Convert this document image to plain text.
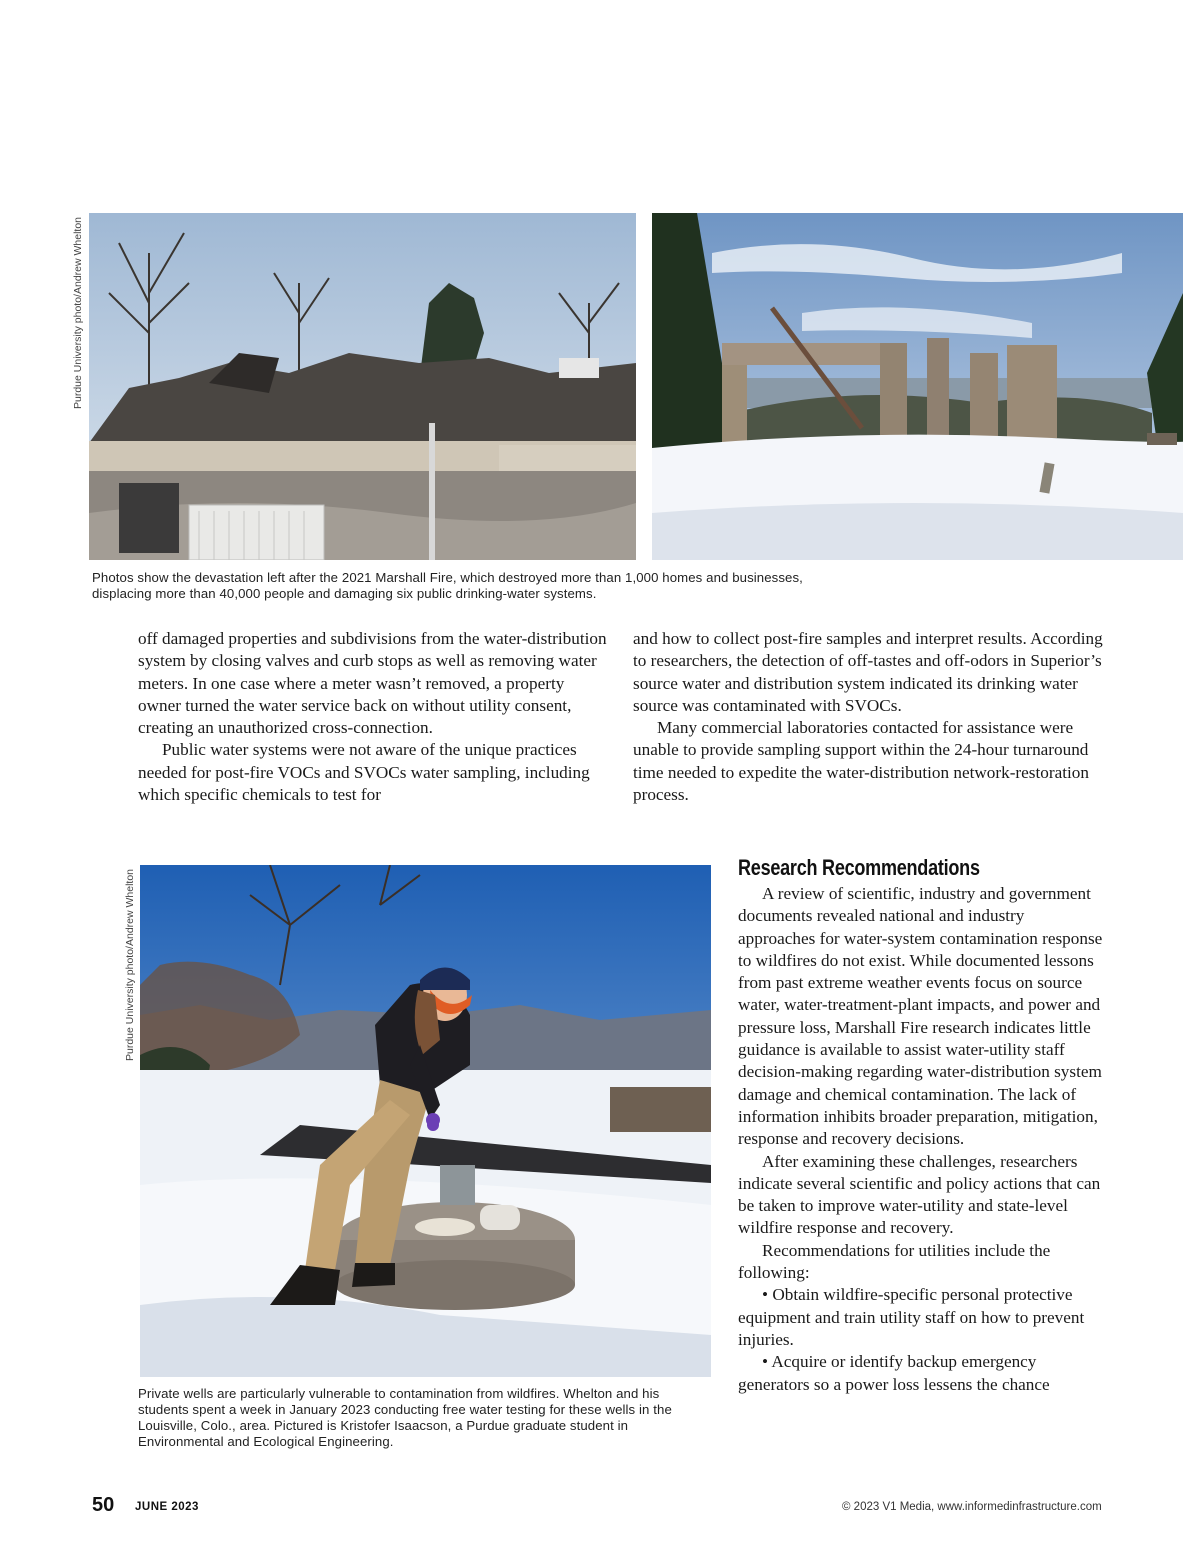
Purdue University photo/Andrew Whelton
Photos show the devastation left after the 2021 Marshall Fire, which destroyed more than 1,000 homes and businesses, displacing more than 40,000 people and damaging six public drinking-water systems.

off damaged properties and subdivisions from the water-distribution system by closing valves and curb stops as well as removing water meters. In one case where a meter wasn’t removed, a property owner turned the water service back on without utility consent, creating an unauthorized cross-connection.

Public water systems were not aware of the unique practices needed for post-fire VOCs and SVOCs water sampling, including which specific chemicals to test for

and how to collect post-fire samples and interpret results. According to researchers, the detection of off-tastes and off-odors in Superior’s source water and distribution system indicated its drinking water source was contaminated with SVOCs.

Many commercial laboratories contacted for assistance were unable to provide sampling support within the 24-hour turnaround time needed to expedite the water-distribution network-restoration process.

Purdue University photo/Andrew Whelton
Private wells are particularly vulnerable to contamination from wildfires. Whelton and his students spent a week in January 2023 conducting free water testing for these wells in the Louisville, Colo., area. Pictured is Kristofer Isaacson, a Purdue graduate student in Environmental and Ecological Engineering.
Research Recommendations

A review of scientific, industry and government documents revealed national and industry approaches for water-system contamination response to wildfires do not exist. While documented lessons from past extreme weather events focus on source water, water-treatment-plant impacts, and power and pressure loss, Marshall Fire research indicates little guidance is available to assist water-utility staff decision-making regarding water-distribution system damage and chemical contamination. The lack of information inhibits broader preparation, mitigation, response and recovery decisions.

After examining these challenges, researchers indicate several scientific and policy actions that can be taken to improve water-utility and state-level wildfire response and recovery.

Recommendations for utilities include the following:

• Obtain wildfire-specific personal protective equipment and train utility staff on how to prevent injuries.

• Acquire or identify backup emergency generators so a power loss lessens the chance

50 JUNE 2023	© 2023 V1 Media, www.informedinfrastructure.com
